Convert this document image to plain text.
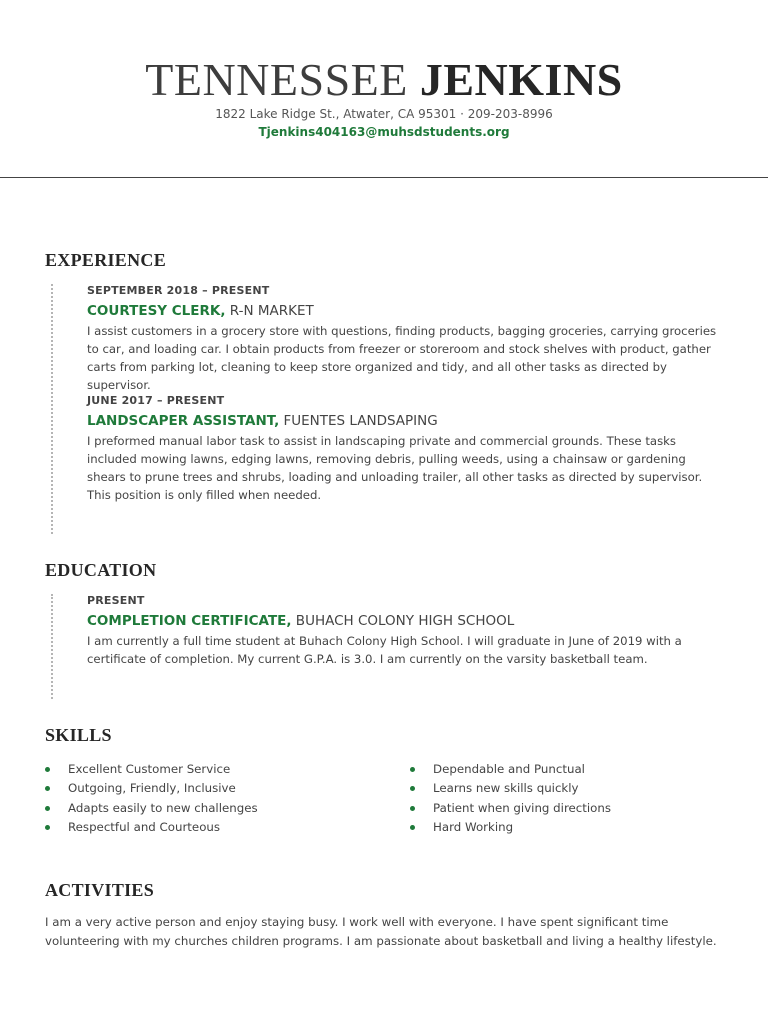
TENNESSEE JENKINS
1822 Lake Ridge St., Atwater, CA 95301 · 209-203-8996
Tjenkins404163@muhsdstudents.org
EXPERIENCE
SEPTEMBER 2018 – PRESENT
COURTESY CLERK, R-N MARKET
I assist customers in a grocery store with questions, finding products, bagging groceries, carrying groceries to car, and loading car. I obtain products from freezer or storeroom and stock shelves with product, gather carts from parking lot, cleaning to keep store organized and tidy, and all other tasks as directed by supervisor.
JUNE 2017 – PRESENT
LANDSCAPER ASSISTANT, FUENTES LANDSAPING
I preformed manual labor task to assist in landscaping private and commercial grounds. These tasks included mowing lawns, edging lawns, removing debris, pulling weeds, using a chainsaw or gardening shears to prune trees and shrubs, loading and unloading trailer, all other tasks as directed by supervisor. This position is only filled when needed.
EDUCATION
PRESENT
COMPLETION CERTIFICATE, BUHACH COLONY HIGH SCHOOL
I am currently a full time student at Buhach Colony High School. I will graduate in June of 2019 with a certificate of completion. My current G.P.A. is 3.0. I am currently on the varsity basketball team.
SKILLS
Excellent Customer Service
Outgoing, Friendly, Inclusive
Adapts easily to new challenges
Respectful and Courteous
Dependable and Punctual
Learns new skills quickly
Patient when giving directions
Hard Working
ACTIVITIES
I am a very active person and enjoy staying busy. I work well with everyone. I have spent significant time volunteering with my churches children programs. I am passionate about basketball and living a healthy lifestyle.
